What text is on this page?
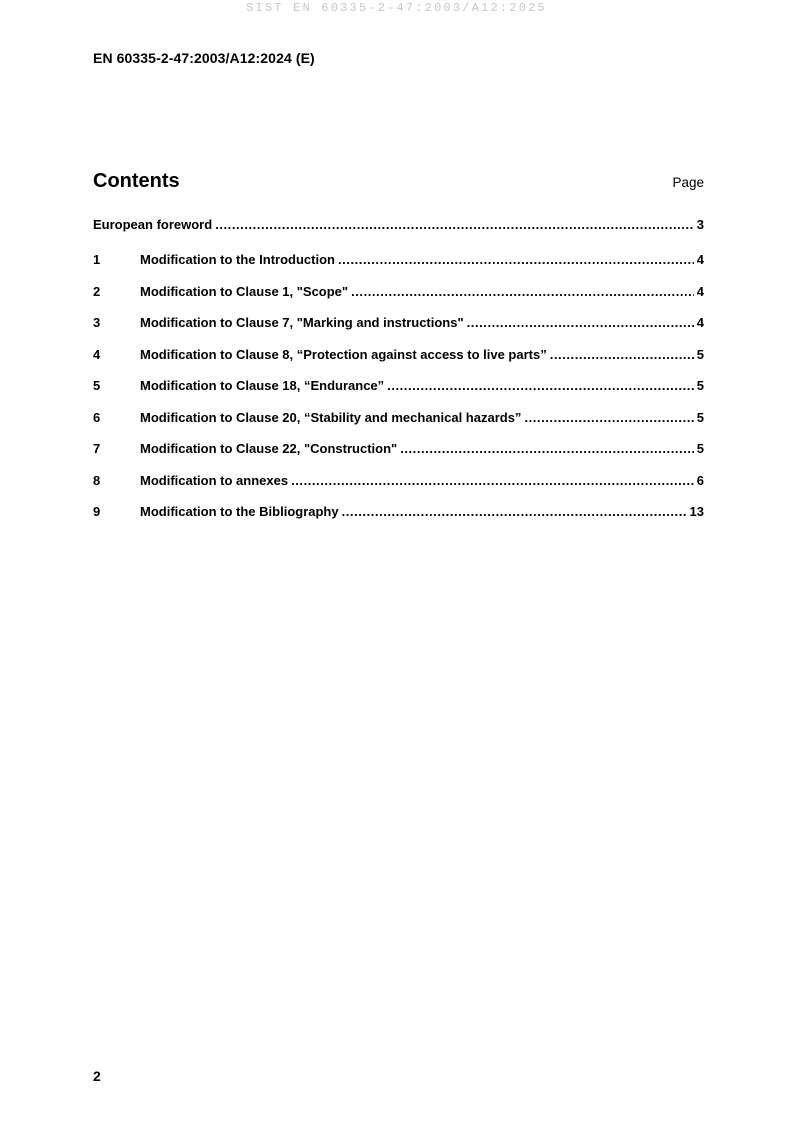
SIST EN 60335-2-47:2003/A12:2025
EN 60335-2-47:2003/A12:2024 (E)
Contents	Page
European foreword .....	3
1	Modification to the Introduction .....	4
2	Modification to Clause 1, "Scope" .....	4
3	Modification to Clause 7, "Marking and instructions" .....	4
4	Modification to Clause 8, “Protection against access to live parts” .....	5
5	Modification to Clause 18, “Endurance” .....	5
6	Modification to Clause 20, “Stability and mechanical hazards” .....	5
7	Modification to Clause 22, "Construction" .....	5
8	Modification to annexes .....	6
9	Modification to the Bibliography .....	13
2
